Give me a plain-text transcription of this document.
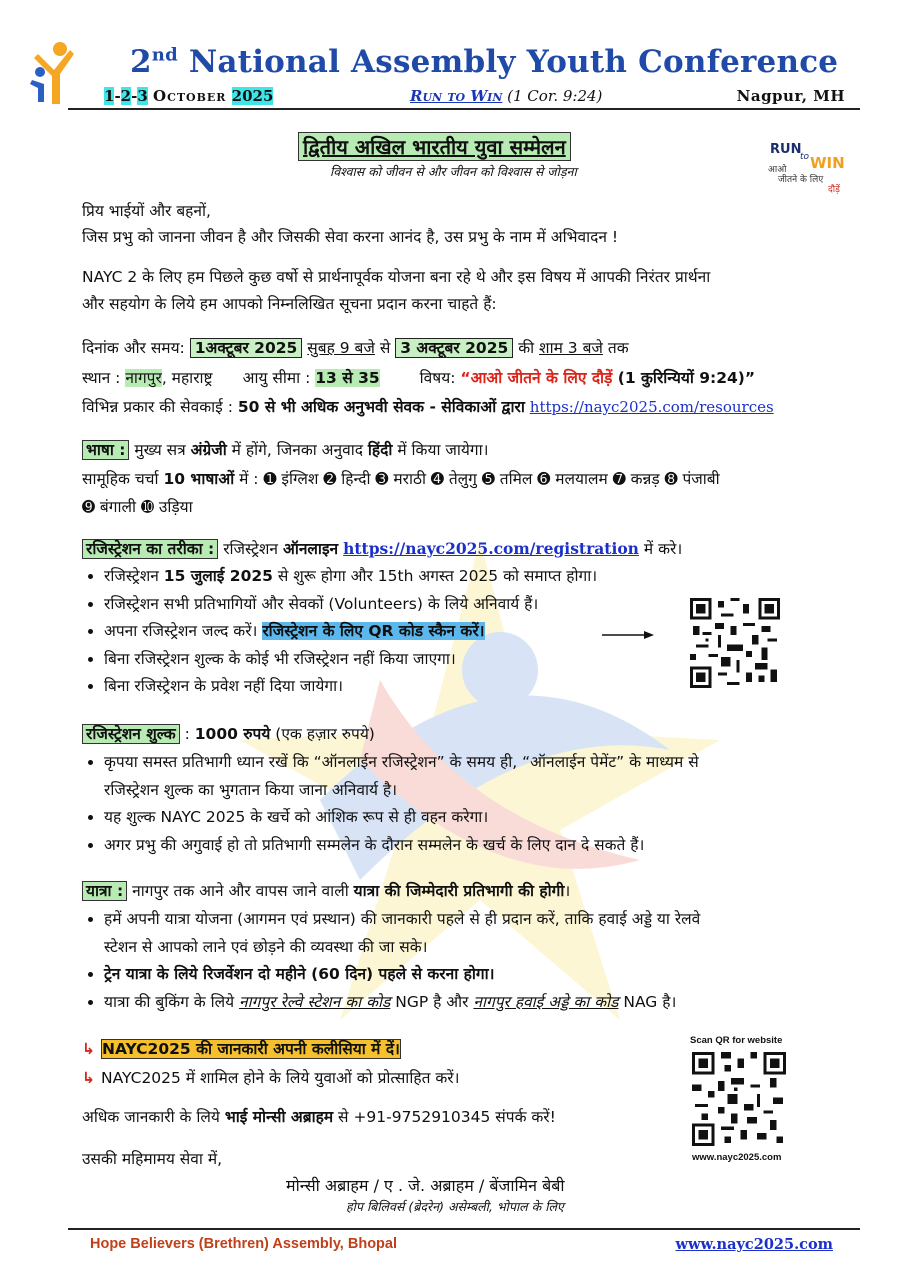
2nd National Assembly Youth Conference
1-2-3 October 2025	Run to Win (1 Cor. 9:24)	Nagpur, MH
द्वितीय अखिल भारतीय युवा सम्मेलन
विश्वास को जीवन से और जीवन को विश्वास से जोड़ना
RUN
to WIN
आओ
जीतने के लिए
दौड़ें
प्रिय भाईयों और बहनों,
जिस प्रभु को जानना जीवन है और जिसकी सेवा करना आनंद है, उस प्रभु के नाम में अभिवादन !
NAYC 2 के लिए हम पिछले कुछ वर्षो से प्रार्थनापूर्वक योजना बना रहे थे और इस विषय में आपकी निरंतर प्रार्थना
और सहयोग के लिये हम आपको निम्नलिखित सूचना प्रदान करना चाहते हैं:
दिनांक और समय: 1अक्टूबर 2025 सुबह 9 बजे से 3 अक्टूबर 2025 की शाम 3 बजे तक
स्थान : नागपुर, महाराष्ट्र आयु सीमा : 13 से 35	विषय: “आओ जीतने के लिए दौड़ें (1 कुरिन्यियों 9:24)”
विभिन्न प्रकार की सेवकाई : 50 से भी अधिक अनुभवी सेवक - सेविकाओं द्वारा https://nayc2025.com/resources
भाषा : मुख्य सत्र अंग्रेजी में होंगे, जिनका अनुवाद हिंदी में किया जायेगा।
सामूहिक चर्चा 10 भाषाओं में : ➊ इंग्लिश ➋ हिन्दी ➌ मराठी ➍ तेलुगु ➎ तमिल ➏ मलयालम ➐ कन्नड़ ➑ पंजाबी
➒ बंगाली ➓ उड़िया
रजिस्ट्रेशन का तरीका : रजिस्ट्रेशन ऑनलाइन https://nayc2025.com/registration में करे।
• रजिस्ट्रेशन 15 जुलाई 2025 से शुरू होगा और 15th अगस्त 2025 को समाप्त होगा।
• रजिस्ट्रेशन सभी प्रतिभागियों और सेवकों (Volunteers) के लिये अनिवार्य हैं।
• अपना रजिस्ट्रेशन जल्द करें। रजिस्ट्रेशन के लिए QR कोड स्कैन करें।
• बिना रजिस्ट्रेशन शुल्क के कोई भी रजिस्ट्रेशन नहीं किया जाएगा।
• बिना रजिस्ट्रेशन के प्रवेश नहीं दिया जायेगा।
रजिस्ट्रेशन शुल्क : 1000 रुपये (एक हज़ार रुपये)
• कृपया समस्त प्रतिभागी ध्यान रखें कि “ऑनलाईन रजिस्ट्रेशन” के समय ही, “ऑनलाईन पेमेंट” के माध्यम से
रजिस्ट्रेशन शुल्क का भुगतान किया जाना अनिवार्य है।
• यह शुल्क NAYC 2025 के खर्चे को आंशिक रूप से ही वहन करेगा।
• अगर प्रभु की अगुवाई हो तो प्रतिभागी सम्मलेन के दौरान सम्मलेन के खर्च के लिए दान दे सकते हैं।
यात्रा : नागपुर तक आने और वापस जाने वाली यात्रा की जिम्मेदारी प्रतिभागी की होगी।
• हमें अपनी यात्रा योजना (आगमन एवं प्रस्थान) की जानकारी पहले से ही प्रदान करें, ताकि हवाई अड्डे या रेलवे
स्टेशन से आपको लाने एवं छोड़ने की व्यवस्था की जा सके।
• ट्रेन यात्रा के लिये रिजर्वेशन दो महीने (60 दिन) पहले से करना होगा।
• यात्रा की बुकिंग के लिये नागपुर रेल्वे स्टेशन का कोड NGP है और नागपुर हवाई अड्डे का कोड NAG है।
↳ NAYC2025 की जानकारी अपनी कलीसिया में दें।
↳ NAYC2025 में शामिल होने के लिये युवाओं को प्रोत्साहित करें।
अधिक जानकारी के लिये भाई मोन्सी अब्राहम से +91-9752910345 संपर्क करें!
उसकी महिमामय सेवा में,
मोन्सी अब्राहम / ए . जे. अब्राहम / बेंजामिन बेबी
होप बिलिवर्स (ब्रेदरेन) असेम्बली, भोपाल के लिए
Scan QR for website
www.nayc2025.com
Hope Believers (Brethren) Assembly, Bhopal	www.nayc2025.com
